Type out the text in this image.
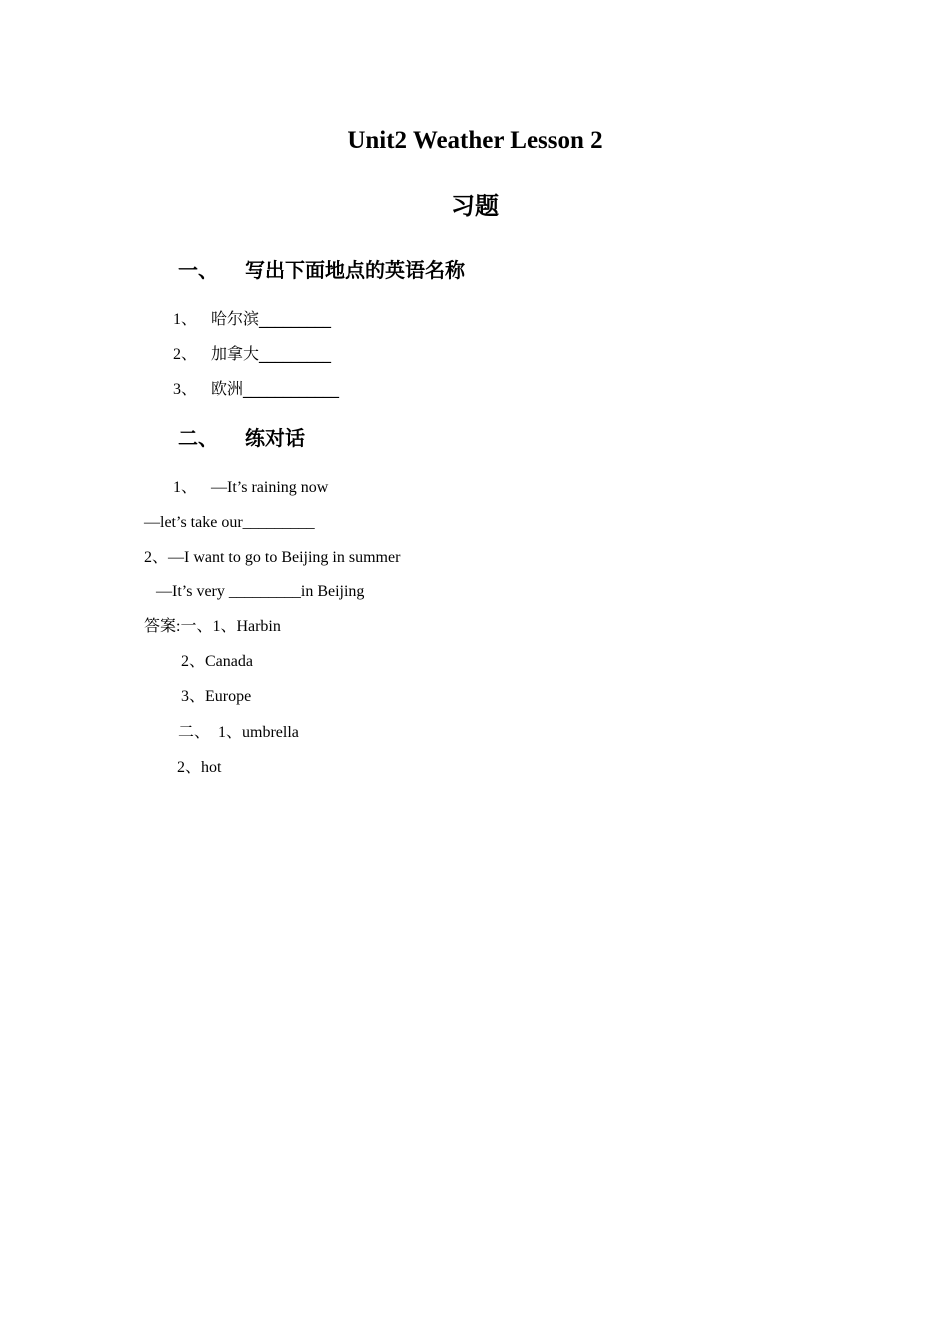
Unit2 Weather Lesson 2
习题
一、 写出下面地点的英语名称
1、 哈尔滨_________
2、 加拿大_________
3、 欧洲____________
二、 练对话
1、 —It’s raining now
—let’s take our_________
2、—I want to go to Beijing in summer
—It’s very _________in Beijing
答案:一、1、Harbin
2、Canada
3、Europe
二、  1、umbrella
2、hot
